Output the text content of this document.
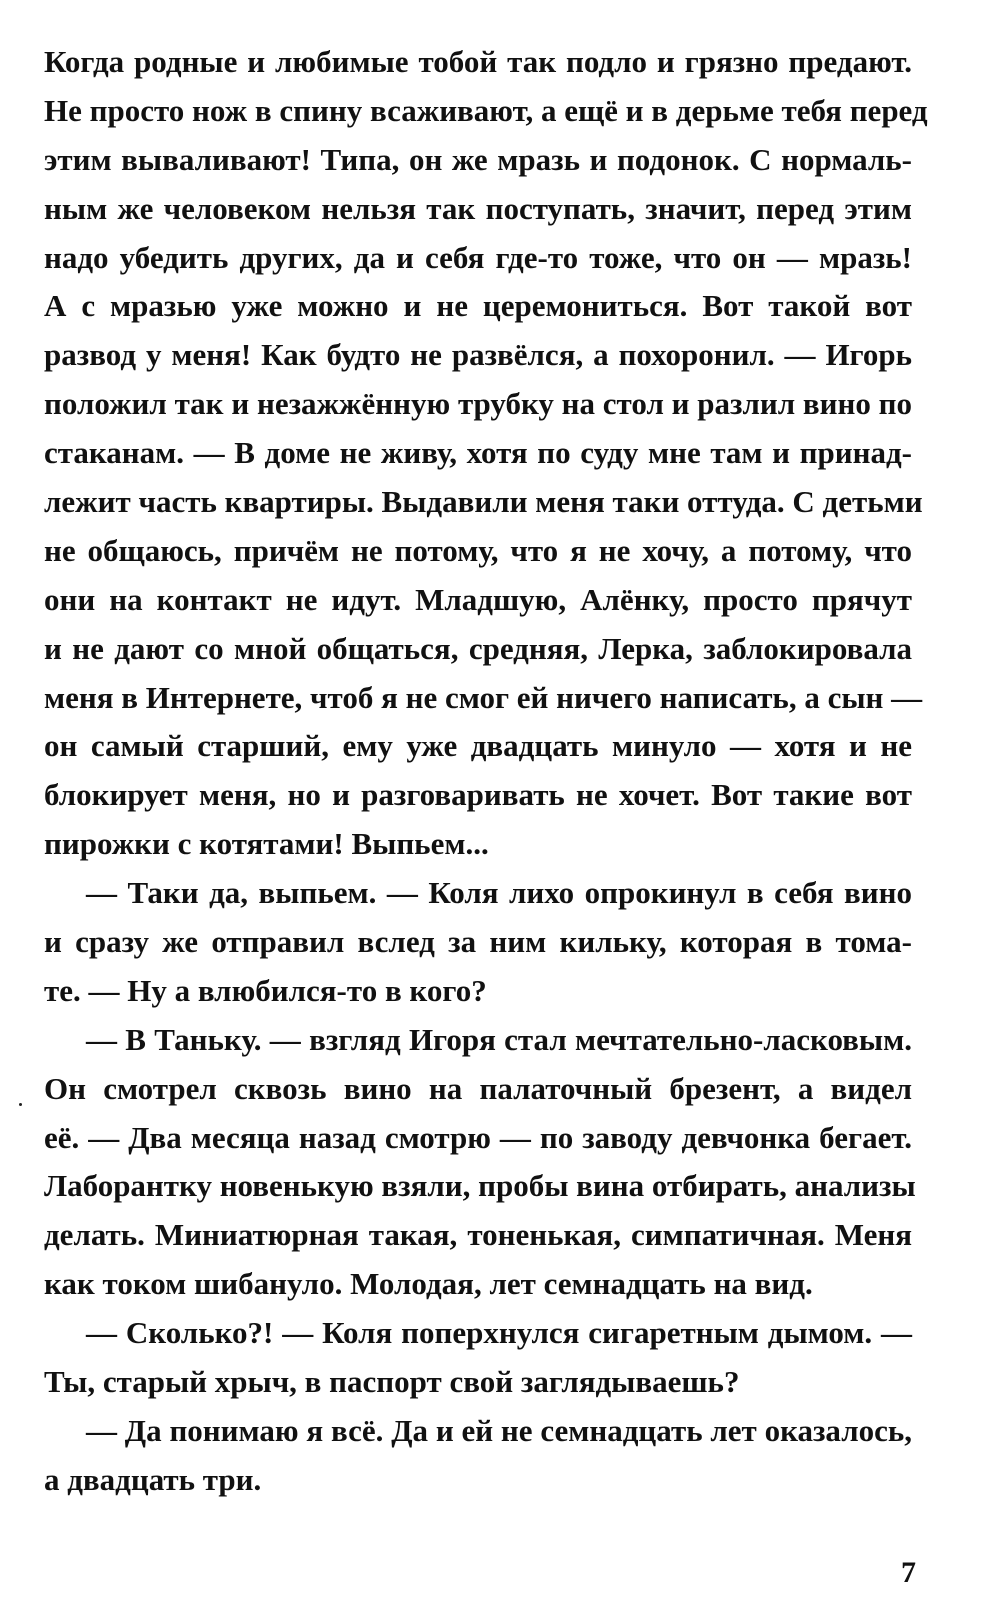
Когда родные и любимые тобой так подло и грязно предают.
Не просто нож в спину всаживают, а ещё и в дерьме тебя перед
этим вываливают! Типа, он же мразь и подонок. С нормаль-
ным же человеком нельзя так поступать, значит, перед этим
надо убедить других, да и себя где-то тоже, что он — мразь!
А с мразью уже можно и не церемониться. Вот такой вот
развод у меня! Как будто не развёлся, а похоронил. — Игорь
положил так и незажжённую трубку на стол и разлил вино по
стаканам. — В доме не живу, хотя по суду мне там и принад-
лежит часть квартиры. Выдавили меня таки оттуда. С детьми
не общаюсь, причём не потому, что я не хочу, а потому, что
они на контакт не идут. Младшую, Алёнку, просто прячут
и не дают со мной общаться, средняя, Лерка, заблокировала
меня в Интернете, чтоб я не смог ей ничего написать, а сын —
он самый старший, ему уже двадцать минуло — хотя и не
блокирует меня, но и разговаривать не хочет. Вот такие вот
пирожки с котятами! Выпьем...
— Таки да, выпьем. — Коля лихо опрокинул в себя вино
и сразу же отправил вслед за ним кильку, которая в тома-
те. — Ну а влюбился-то в кого?
— В Таньку. — взгляд Игоря стал мечтательно-ласковым.
Он смотрел сквозь вино на палаточный брезент, а видел
её. — Два месяца назад смотрю — по заводу девчонка бегает.
Лаборантку новенькую взяли, пробы вина отбирать, анализы
делать. Миниатюрная такая, тоненькая, симпатичная. Меня
как током шибануло. Молодая, лет семнадцать на вид.
— Сколько?! — Коля поперхнулся сигаретным дымом. —
Ты, старый хрыч, в паспорт свой заглядываешь?
— Да понимаю я всё. Да и ей не семнадцать лет оказалось,
а двадцать три.
7
